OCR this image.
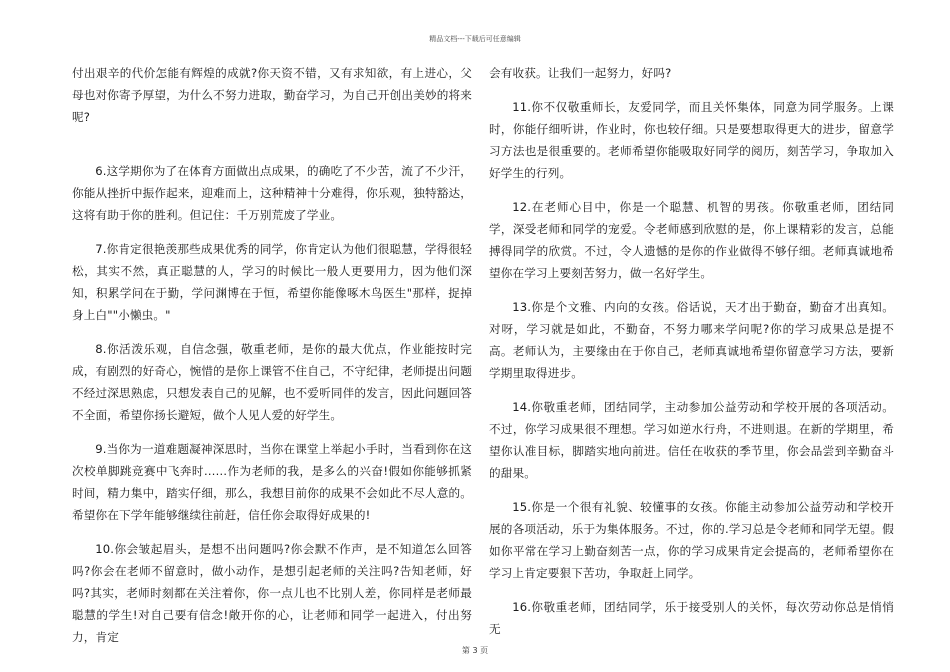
精品文档---下载后可任意编辑

付出艰辛的代价怎能有辉煌的成就?你天资不错，又有求知欲，有上进心，父母也对你寄予厚望，为什么不努力进取，勤奋学习，为自己开创出美妙的将来呢?

6.这学期你为了在体育方面做出点成果，的确吃了不少苦，流了不少汗，你能从挫折中振作起来，迎难而上，这种精神十分难得，你乐观，独特豁达，这将有助于你的胜利。但记住：千万别荒废了学业。

7.你肯定很艳羡那些成果优秀的同学，你肯定认为他们很聪慧，学得很轻松，其实不然，真正聪慧的人，学习的时候比一般人更要用力，因为他们深知，积累学问在于勤，学问渊博在于恒，希望你能像啄木鸟医生"那样，捉掉身上白""小懒虫。"

8.你活泼乐观，自信念强，敬重老师，是你的最大优点，作业能按时完成，有剧烈的好奇心，惋惜的是你上课管不住自己，不守纪律，老师提出问题不经过深思熟虑，只想发表自己的见解，也不爱听同伴的发言，因此问题回答不全面，希望你扬长避短，做个人见人爱的好学生。

9.当你为一道难题凝神深思时，当你在课堂上举起小手时，当看到你在这次校单脚跳竞赛中飞奔时……作为老师的我，是多么的兴奋!假如你能够抓紧时间，精力集中，踏实仔细，那么，我想目前你的成果不会如此不尽人意的。希望你在下学年能够继续往前赶，信任你会取得好成果的!

10.你会皱起眉头，是想不出问题吗?你会默不作声，是不知道怎么回答吗?你会在老师不留意时，做小动作，是想引起老师的关注吗?告知老师，好吗?其实，老师时刻都在关注着你，你一点儿也不比别人差，你同样是老师最聪慧的学生!对自己要有信念!敞开你的心，让老师和同学一起进入，付出努力，肯定

会有收获。让我们一起努力，好吗?

11.你不仅敬重师长，友爱同学，而且关怀集体，同意为同学服务。上课时，你能仔细听讲，作业时，你也较仔细。只是要想取得更大的进步，留意学习方法也是很重要的。老师希望你能吸取好同学的阅历，刻苦学习，争取加入好学生的行列。

12.在老师心目中，你是一个聪慧、机智的男孩。你敬重老师，团结同学，深受老师和同学的宠爱。令老师感到欣慰的是，你上课精彩的发言，总能搏得同学的欣赏。不过，令人遗憾的是你的作业做得不够仔细。老师真诚地希望你在学习上要刻苦努力，做一名好学生。

13.你是个文雅、内向的女孩。俗话说，天才出于勤奋，勤奋才出真知。对呀，学习就是如此，不勤奋，不努力哪来学问呢?你的学习成果总是提不高。老师认为，主要缘由在于你自己，老师真诚地希望你留意学习方法，要新学期里取得进步。

14.你敬重老师，团结同学，主动参加公益劳动和学校开展的各项活动。不过，你学习成果很不理想。学习如逆水行舟，不进则退。在新的学期里，希望你认准目标，脚踏实地向前进。信任在收获的季节里，你会品尝到辛勤奋斗的甜果。

15.你是一个很有礼貌、较懂事的女孩。你能主动参加公益劳动和学校开展的各项活动，乐于为集体服务。不过，你的.学习总是令老师和同学无望。假如你平常在学习上勤奋刻苦一点，你的学习成果肯定会提高的，老师希望你在学习上肯定要狠下苦功，争取赶上同学。

16.你敬重老师，团结同学，乐于接受别人的关怀，每次劳动你总是悄悄无

第 3 页
